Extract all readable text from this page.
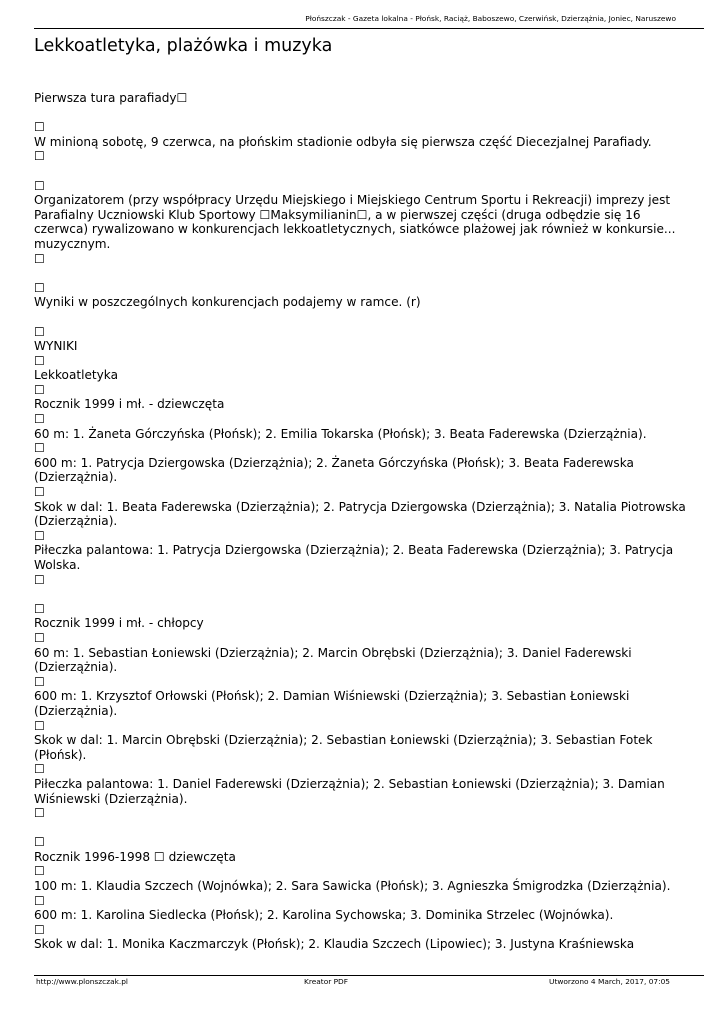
Płońszczak - Gazeta lokalna - Płońsk, Raciąż, Baboszewo, Czerwińsk, Dzierzążnia, Joniec, Naruszewo
Lekkoatletyka, plażówka i muzyka

Pierwsza tura parafiady☐

☐

W minioną sobotę, 9 czerwca, na płońskim stadionie odbyła się pierwsza część Diecezjalnej Parafiady.

☐

☐

Organizatorem (przy współpracy Urzędu Miejskiego i Miejskiego Centrum Sportu i Rekreacji) imprezy jest Parafialny Uczniowski Klub Sportowy ☐Maksymilianin☐, a w pierwszej części (druga odbędzie się 16 czerwca) rywalizowano w konkurencjach lekkoatletycznych, siatkówce plażowej jak również w konkursie... muzycznym.

☐

☐

Wyniki w poszczególnych konkurencjach podajemy w ramce. (r)

☐

WYNIKI

☐

Lekkoatletyka

☐

Rocznik 1999 i mł. - dziewczęta

☐

60 m: 1. Żaneta Górczyńska (Płońsk); 2. Emilia Tokarska (Płońsk); 3. Beata Faderewska (Dzierzążnia).

☐

600 m: 1. Patrycja Dziergowska (Dzierzążnia); 2. Żaneta Górczyńska (Płońsk); 3. Beata Faderewska (Dzierzążnia).

☐

Skok w dal: 1. Beata Faderewska (Dzierzążnia); 2. Patrycja Dziergowska (Dzierzążnia); 3. Natalia Piotrowska (Dzierzążnia).

☐

Piłeczka palantowa: 1. Patrycja Dziergowska (Dzierzążnia); 2. Beata Faderewska (Dzierzążnia); 3. Patrycja Wolska.

☐

☐

Rocznik 1999 i mł. - chłopcy

☐

60 m: 1. Sebastian Łoniewski (Dzierzążnia); 2. Marcin Obrębski (Dzierzążnia); 3. Daniel Faderewski (Dzierzążnia).

☐

600 m: 1. Krzysztof Orłowski (Płońsk); 2. Damian Wiśniewski (Dzierzążnia); 3. Sebastian Łoniewski (Dzierzążnia).

☐

Skok w dal: 1. Marcin Obrębski (Dzierzążnia); 2. Sebastian Łoniewski (Dzierzążnia); 3. Sebastian Fotek (Płońsk).

☐

Piłeczka palantowa: 1. Daniel Faderewski (Dzierzążnia); 2. Sebastian Łoniewski (Dzierzążnia); 3. Damian Wiśniewski (Dzierzążnia).

☐

☐

Rocznik 1996-1998 ☐ dziewczęta

☐

100 m: 1. Klaudia Szczech (Wojnówka); 2. Sara Sawicka (Płońsk); 3. Agnieszka Śmigrodzka (Dzierzążnia).

☐

600 m: 1. Karolina Siedlecka (Płońsk); 2. Karolina Sychowska; 3. Dominika Strzelec (Wojnówka).

☐

Skok w dal: 1. Monika Kaczmarczyk (Płońsk); 2. Klaudia Szczech (Lipowiec); 3. Justyna Kraśniewska

http://www.plonszczak.pl	Kreator PDF	Utworzono 4 March, 2017, 07:05
